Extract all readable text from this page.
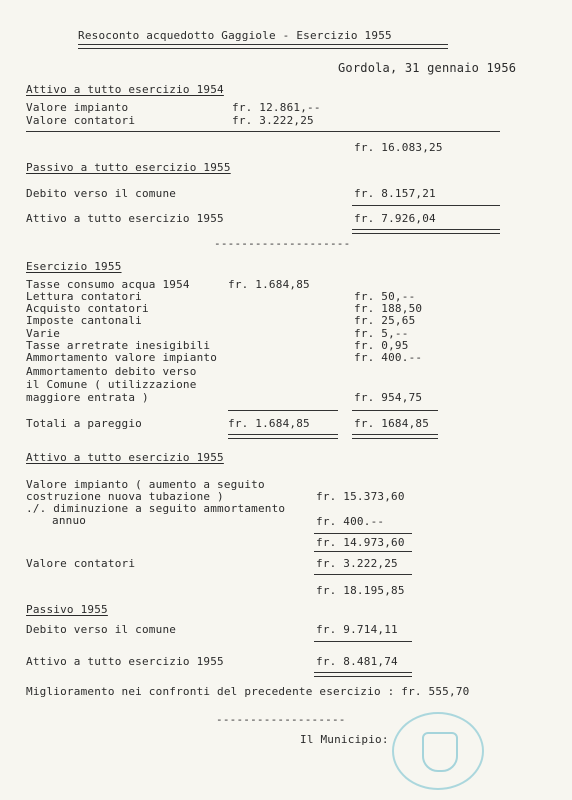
Resoconto acquedotto Gaggiole - Esercizio 1955
Gordola, 31 gennaio 1956
Attivo a tutto esercizio 1954
Valore impianto	fr. 12.861,--
Valore contatori	fr. 3.222,25
fr. 16.083,25
Passivo a tutto esercizio 1955
Debito verso il comune	fr. 8.157,21
Attivo a tutto esercizio 1955	fr. 7.926,04
--------------------
Esercizio 1955
Tasse consumo acqua 1954	fr. 1.684,85
Lettura contatori	fr. 50,--
Acquisto contatori	fr. 188,50
Imposte cantonali	fr. 25,65
Varie	fr. 5,--
Tasse arretrate inesigibili	fr. 0,95
Ammortamento valore impianto	fr. 400.--
Ammortamento debito verso
il Comune ( utilizzazione
maggiore entrata )	fr. 954,75
Totali a pareggio	fr. 1.684,85	fr. 1684,85
Attivo a tutto esercizio 1955
Valore impianto ( aumento a seguito
costruzione nuova tubazione )	fr. 15.373,60
./. diminuzione a seguito ammortamento
annuo	fr. 400.--
fr. 14.973,60
Valore contatori	fr. 3.222,25
fr. 18.195,85
Passivo 1955
Debito verso il comune	fr. 9.714,11
Attivo a tutto esercizio 1955	fr. 8.481,74
Miglioramento nei confronti del precedente esercizio : fr. 555,70
-------------------
Il Municipio:
